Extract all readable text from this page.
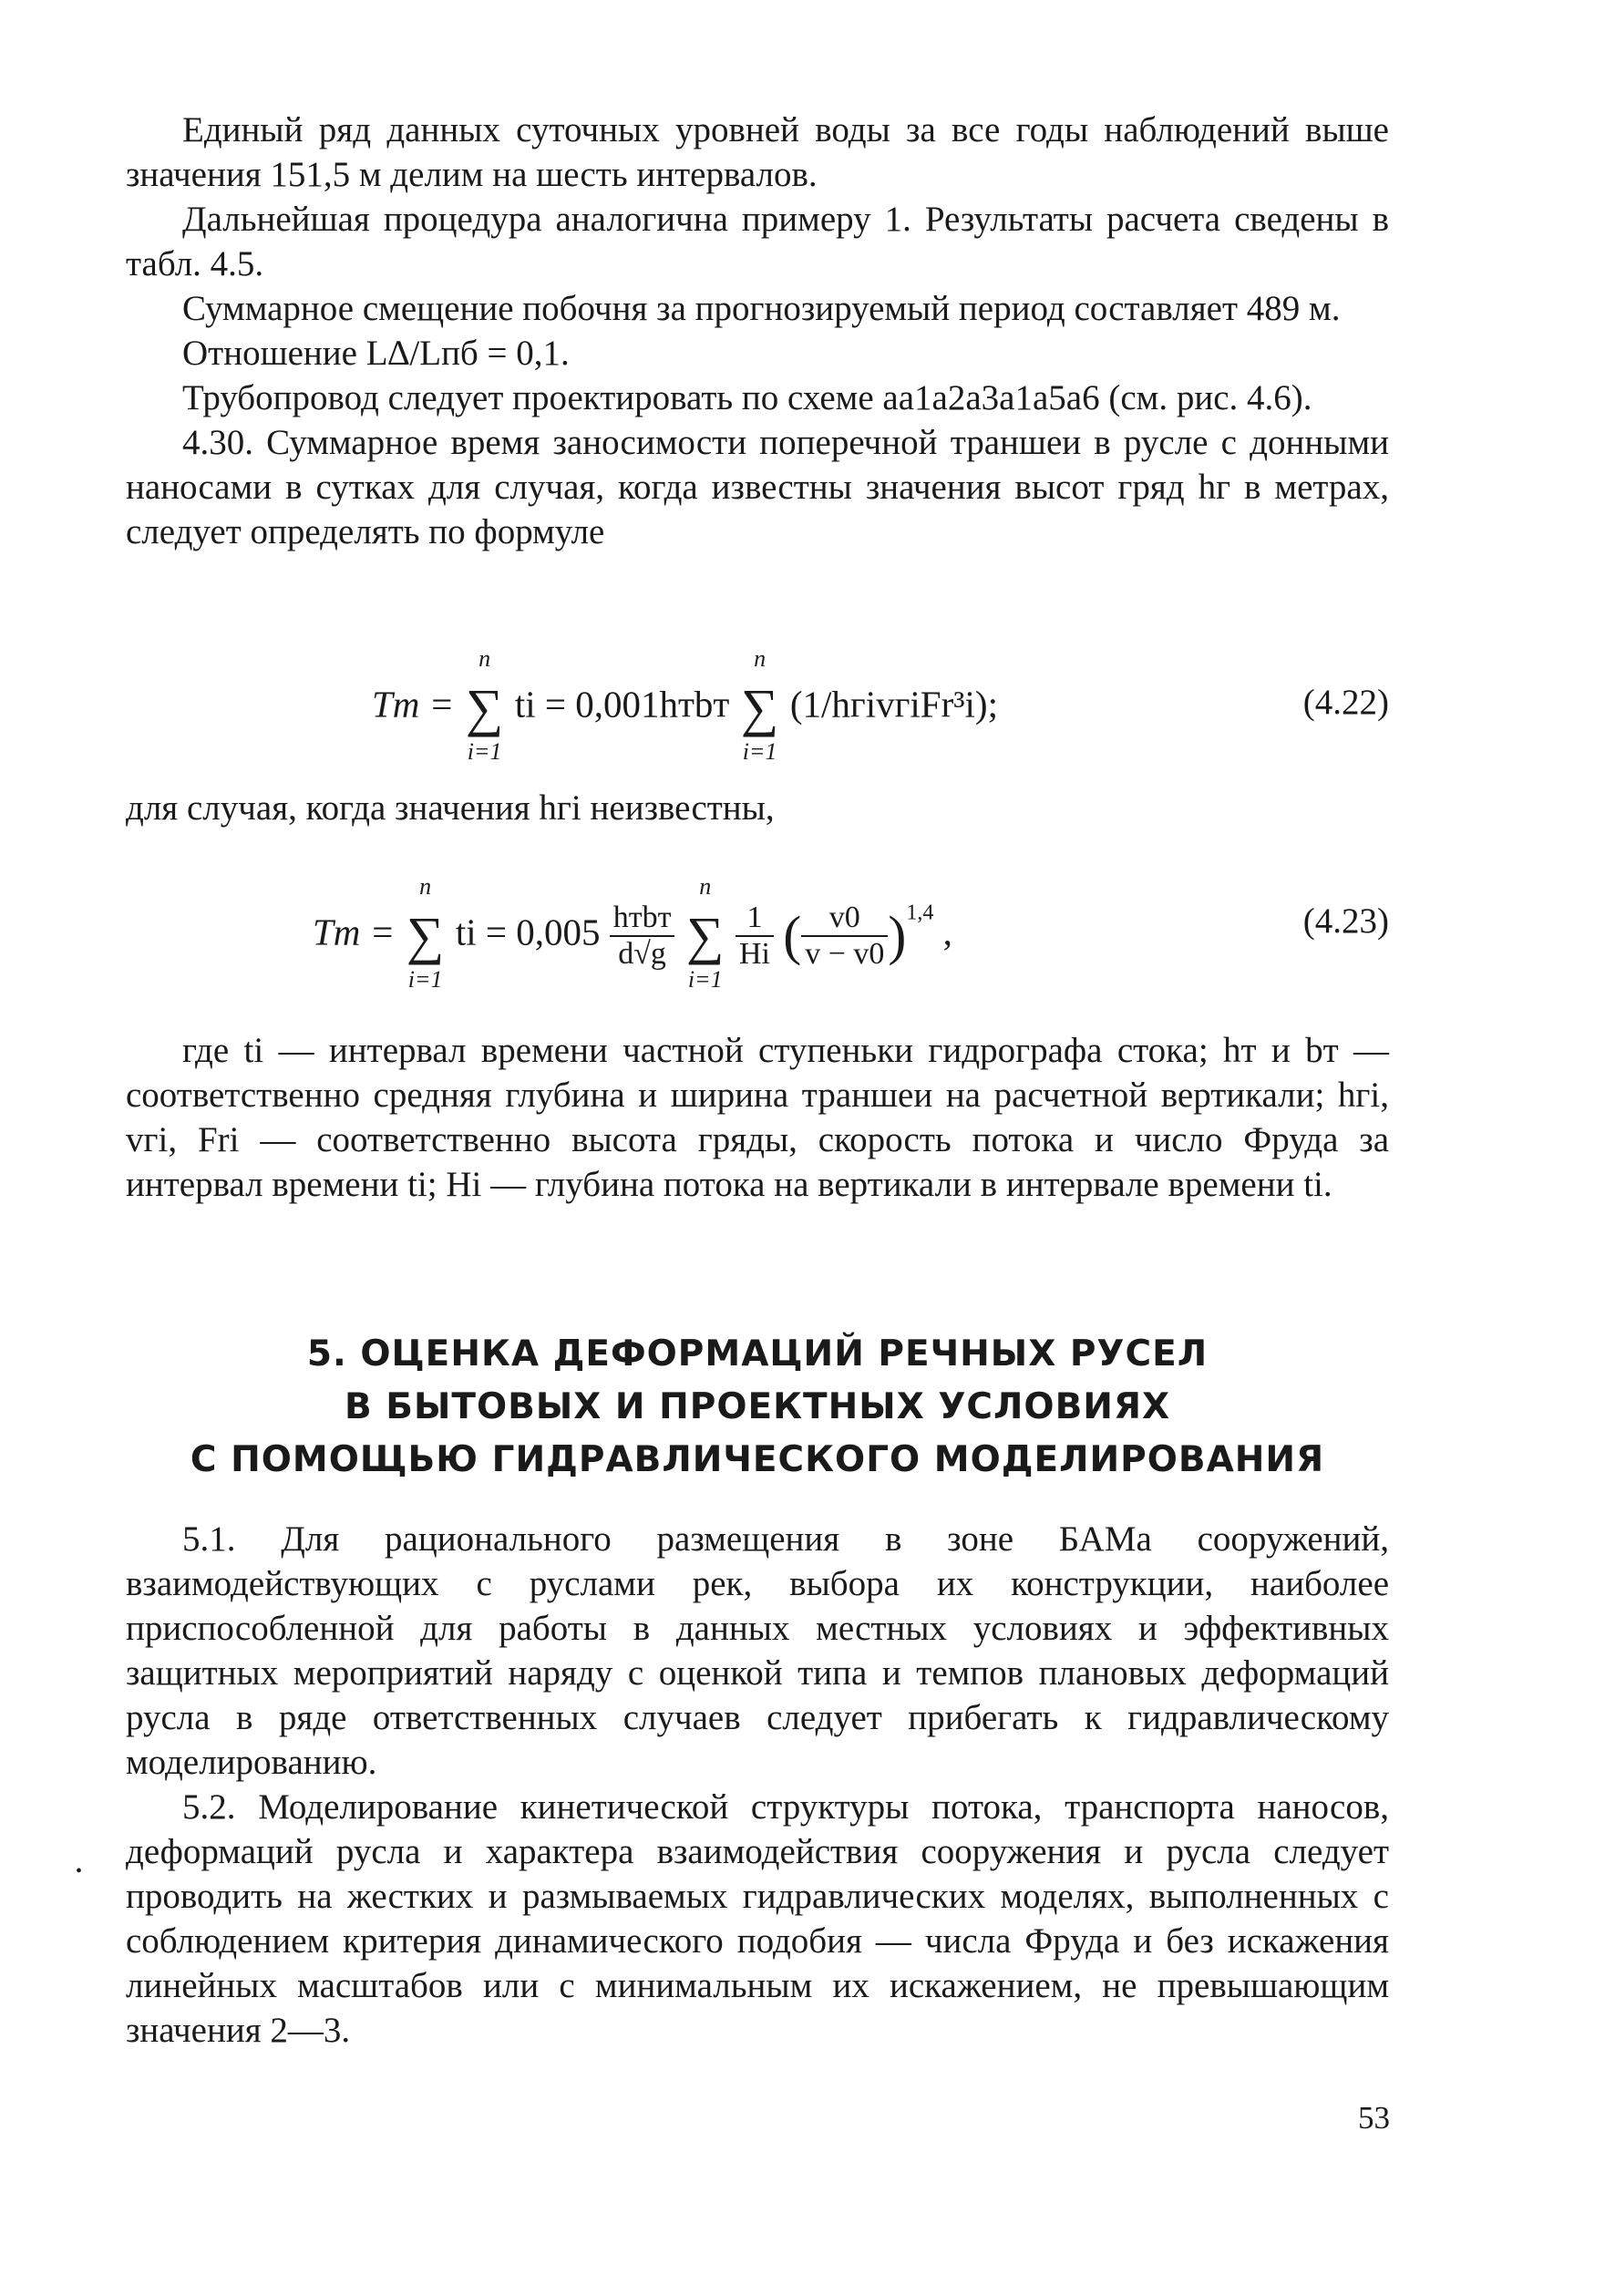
Единый ряд данных суточных уровней воды за все годы наблюдений выше значения 151,5 м делим на шесть интервалов.

Дальнейшая процедура аналогична примеру 1. Результаты расчета сведены в табл. 4.5.

Суммарное смещение побочня за прогнозируемый период составляет 489 м.

Отношение L∆/Lпб = 0,1.

Трубопровод следует проектировать по схеме aa1a2a3a1a5a6 (см. рис. 4.6).

4.30. Суммарное время заносимости поперечной траншеи в русле с донными наносами в сутках для случая, когда известны значения высот гряд hг в метрах, следует определять по формуле

Tт =
n
∑
i=1
ti = 0,001hтbт
n
∑
i=1
(1/hгivгiFr³i);	(4.22)

для случая, когда значения hгi неизвестны,

Tт =
n
∑
i=1
ti = $0,005 \frac{\text{hтbт}}{d√g}$

n
∑
i=1

$\frac{1}{Hi}$ ( $\frac{v0}{v - v0} )^{1,4}$ ,	(4.23)

где ti — интервал времени частной ступеньки гидрографа стока; hт и bт — соответственно средняя глубина и ширина траншеи на расчетной вертикали; hгi, vгi, Fri — соответственно высота гряды, скорость потока и число Фруда за интервал времени ti; Hi — глубина потока на вертикали в интервале времени ti.

5. ОЦЕНКА ДЕФОРМАЦИЙ РЕЧНЫХ РУСЕЛ
В БЫТОВЫХ И ПРОЕКТНЫХ УСЛОВИЯХ
С ПОМОЩЬЮ ГИДРАВЛИЧЕСКОГО МОДЕЛИРОВАНИЯ

5.1. Для рационального размещения в зоне БАМа сооружений, взаимодействующих с руслами рек, выбора их конструкции, наиболее приспособленной для работы в данных местных условиях и эффективных защитных мероприятий наряду с оценкой типа и темпов плановых деформаций русла в ряде ответственных случаев следует прибегать к гидравлическому моделированию.

5.2. Моделирование кинетической структуры потока, транспорта наносов, деформаций русла и характера взаимодействия сооружения и русла следует проводить на жестких и размываемых гидравлических моделях, выполненных с соблюдением критерия динамического подобия — числа Фруда и без искажения линейных масштабов или с минимальным их искажением, не превышающим значения 2—3.

•
53
